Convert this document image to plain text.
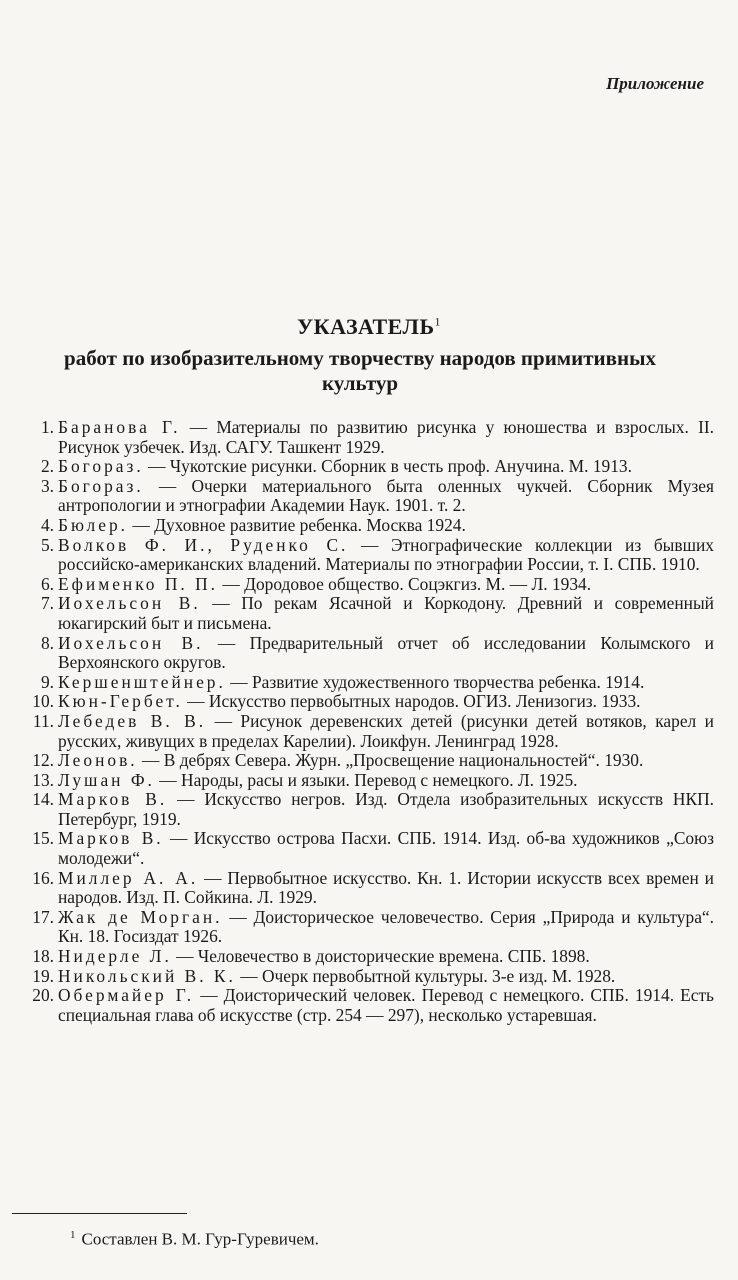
Приложение
УКАЗАТЕЛЬ$^1$
работ по изобразительному творчеству народов примитивных культур
1. Баранова Г. — Материалы по развитию рисунка у юношества и взрослых. II. Рисунок узбечек. Изд. САГУ. Ташкент 1929.
2. Богораз. — Чукотские рисунки. Сборник в честь проф. Анучина. М. 1913.
3. Богораз. — Очерки материального быта оленных чукчей. Сборник Музея антропологии и этнографии Академии Наук. 1901. т. 2.
4. Бюлер. — Духовное развитие ребенка. Москва 1924.
5. Волков Ф. И., Руденко С. — Этнографические коллекции из бывших российско-американских владений. Материалы по этнографии России, т. I. СПБ. 1910.
6. Ефименко П. П. — Дородовое общество. Соцэкгиз. М. — Л. 1934.
7. Иохельсон В. — По рекам Ясачной и Коркодону. Древний и современный юкагирский быт и письмена.
8. Иохельсон В. — Предварительный отчет об исследовании Колымского и Верхоянского округов.
9. Кершенштейнер. — Развитие художественного творчества ребенка. 1914.
10. Кюн-Гербет. — Искусство первобытных народов. ОГИЗ. Ленизогиз. 1933.
11. Лебедев В. В. — Рисунок деревенских детей (рисунки детей вотяков, карел и русских, живущих в пределах Карелии). Лоикфун. Ленинград 1928.
12. Леонов. — В дебрях Севера. Журн. „Просвещение национальностей“. 1930.
13. Лушан Ф. — Народы, расы и языки. Перевод с немецкого. Л. 1925.
14. Марков В. — Искусство негров. Изд. Отдела изобразительных искусств НКП. Петербург, 1919.
15. Марков В. — Искусство острова Пасхи. СПБ. 1914. Изд. об-ва художников „Союз молодежи“.
16. Миллер А. А. — Первобытное искусство. Кн. 1. Истории искусств всех времен и народов. Изд. П. Сойкина. Л. 1929.
17. Жак де Морган. — Доисторическое человечество. Серия „Природа и культура“. Кн. 18. Госиздат 1926.
18. Нидерле Л. — Человечество в доисторические времена. СПБ. 1898.
19. Никольский В. К. — Очерк первобытной культуры. 3-е изд. М. 1928.
20. Обермайер Г. — Доисторический человек. Перевод с немецкого. СПБ. 1914. Есть специальная глава об искусстве (стр. 254 — 297), несколько устаревшая.
$^1$ Составлен В. М. Гур-Гуревичем.
